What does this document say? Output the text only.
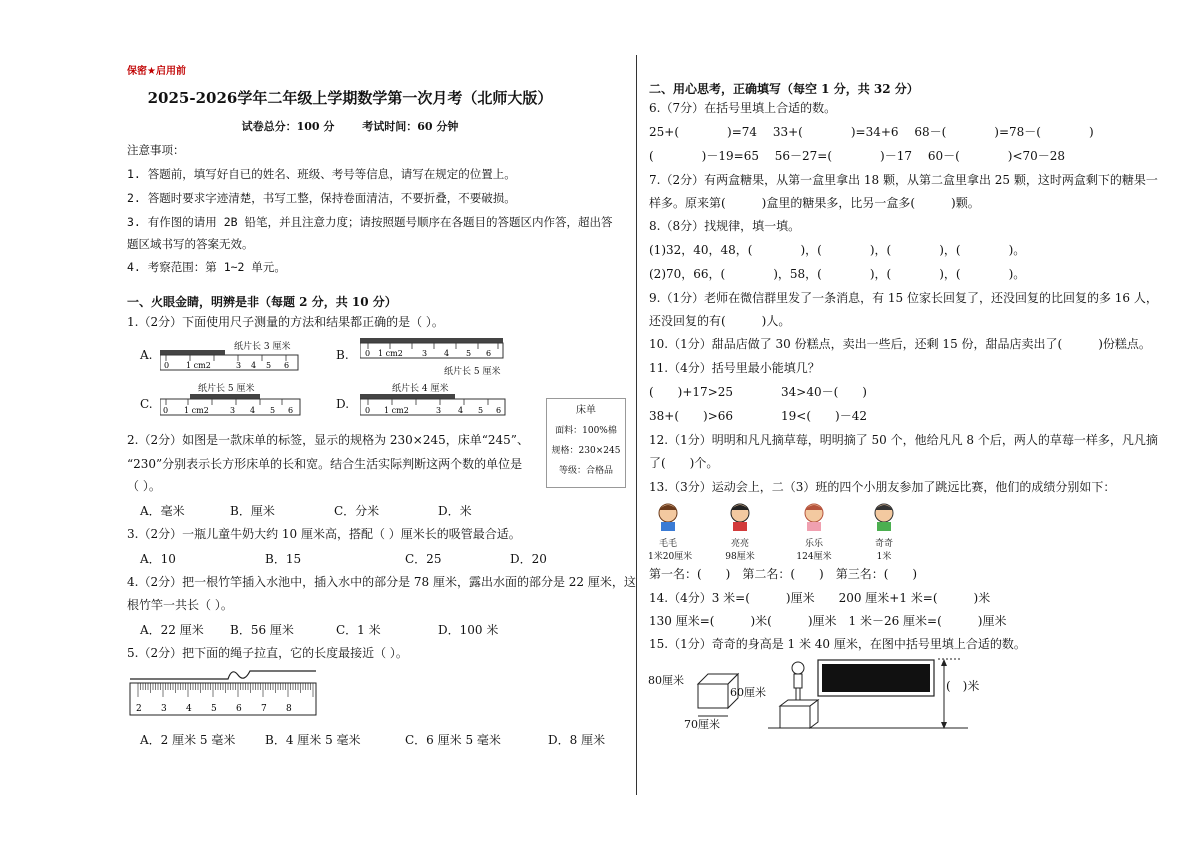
保密★启用前
2025-2026学年二年级上学期数学第一次月考（北师大版）
试卷总分：100 分	考试时间：60 分钟
注意事项：
1. 答题前，填写好自已的姓名、班级、考号等信息，请写在规定的位置上。
2. 答题时要求字迹清楚，书写工整，保持卷面清洁，不要折叠，不要破损。
3. 有作图的请用 2B 铅笔，并且注意力度；请按照题号顺序在各题目的答题区内作答，超出答
题区域书写的答案无效。
4. 考察范围：第 1~2 单元。
一、火眼金睛，明辨是非（每题 2 分，共 10 分）
1.（2分）下面使用尺子测量的方法和结果都正确的是（ ）。
A.
纸片长 3 厘米
0 1 cm2	3 4 5 6
B. 0 1 cm2 3 4 5 6
纸片长 5 厘米
C.
纸片长 5 厘米
0 1 cm2	3 4 5 6	D.
纸片长 4 厘米
0 1 cm2	3 4 5 6	床单
面料：100%棉
规格：230×245
等级：合格品
2.（2分）如图是一款床单的标签，显示的规格为 230×245，床单“245”、
“230”分别表示长方形床单的长和宽。结合生活实际判断这两个数的单位是
（ ）。
A．毫米	B．厘米	C．分米	D．米
3.（2分）一瓶儿童牛奶大约 10 厘米高，搭配（ ）厘米长的吸管最合适。
A．10	B．15	C．25	D．20
4.（2分）把一根竹竿插入水池中，插入水中的部分是 78 厘米，露出水面的部分是 22 厘米，这
根竹竿一共长（ ）。
A．22 厘米 B．56 厘米	C．1 米	D．100 米
5.（2分）把下面的绳子拉直，它的长度最接近（ ）。
2 3 4 5 6 7 8
A．2 厘米 5 毫米 B．4 厘米 5 毫米	C．6 厘米 5 毫米	D．8 厘米
二、用心思考，正确填写（每空 1 分，共 32 分）
6.（7分）在括号里填上合适的数。
25+(　　　　)=74　 33+(　　　　)=34+6　 68－(　　　　)=78－(　　　　)
(　　　　)－19=65　 56－27=(　　　　)－17　 60－(　　　　)<70－28
7.（2分）有两盒糖果，从第一盒里拿出 18 颗，从第二盒里拿出 25 颗，这时两盒剩下的糖果一
样多。原来第(　　　)盒里的糖果多，比另一盒多(　　　)颗。
8.（8分）找规律，填一填。
(1)32，40，48，(　　　　)，(　　　　)，(　　　　)，(　　　　)。
(2)70，66，(　　　　)，58，(　　　　)，(　　　　)，(　　　　)。
9.（1分）老师在微信群里发了一条消息，有 15 位家长回复了，还没回复的比回复的多 16 人，
还没回复的有(　　　)人。
10.（1分）甜品店做了 30 份糕点，卖出一些后，还剩 15 份，甜品店卖出了(　　　)份糕点。
11.（4分）括号里最小能填几？
(　　)+17>25　　　　34>40－(　　)
38+(　　)>66　　　　19<(　　)－42
12.（1分）明明和凡凡摘草莓，明明摘了 50 个，他给凡凡 8 个后，两人的草莓一样多，凡凡摘
了(　　)个。
13.（3分）运动会上，二（3）班的四个小朋友参加了跳远比赛，他们的成绩分别如下：
毛毛
1米20厘米
亮亮
98厘米
乐乐
124厘米
奇奇
1米
第一名：(　　)　第二名：(　　)　第三名：(　　)
14.（4分）3 米=(　　　)厘米　　200 厘米+1 米=(　　　)米
130 厘米=(　　　)米(　　　)厘米　1 米－26 厘米=(　　　)厘米
15.（1分）奇奇的身高是 1 米 40 厘米，在图中括号里填上合适的数。
80厘米
60厘米
70厘米
(　)米
